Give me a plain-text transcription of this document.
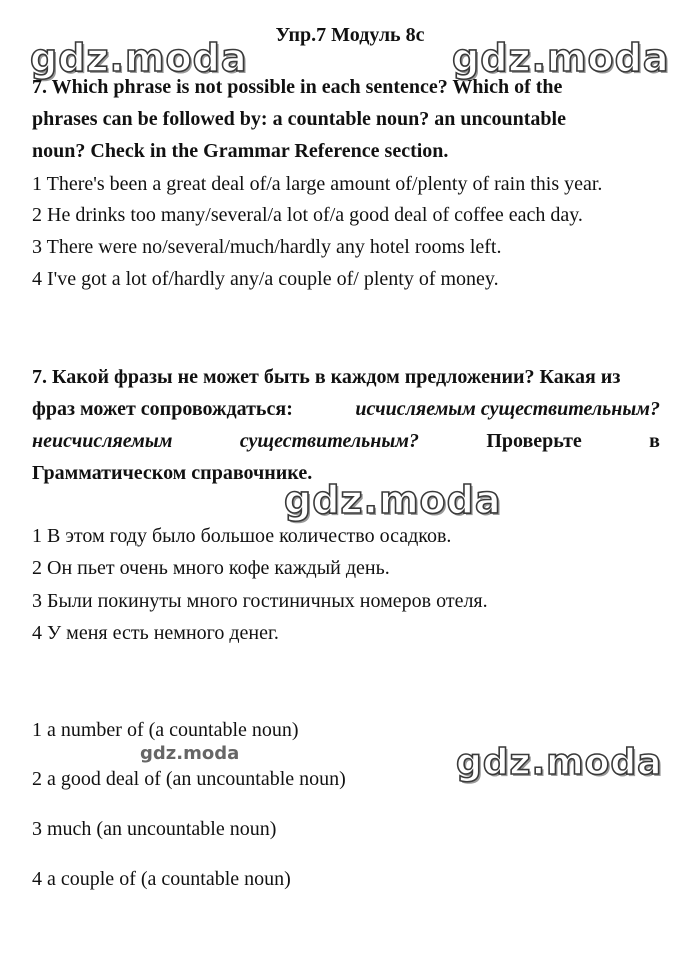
Упр.7 Модуль 8c
gdz.moda	gdz.moda
gdz.moda
gdz.moda
gdz.moda
7. Which phrase is not possible in each sentence? Which of the
phrases can be followed by: a countable noun? an uncountable
noun? Check in the Grammar Reference section.
1 There's been a great deal of/a large amount of/plenty of rain this year.
2 He drinks too many/several/a lot of/a good deal of coffee each day.
3 There were no/several/much/hardly any hotel rooms left.
4 I've got a lot of/hardly any/a couple of/ plenty of money.
7. Какой фразы не может быть в каждом предложении? Какая из
фраз может сопровождаться:	исчисляемым существительным?
неисчисляемым	существительным?	Проверьте	в
Грамматическом справочнике.
1 В этом году было большое количество осадков.
2 Он пьет очень много кофе каждый день.
3 Были покинуты много гостиничных номеров отеля.
4 У меня есть немного денег.
1 a number of (a countable noun)
2 a good deal of (an uncountable noun)
3 much (an uncountable noun)
4 a couple of (a countable noun)
